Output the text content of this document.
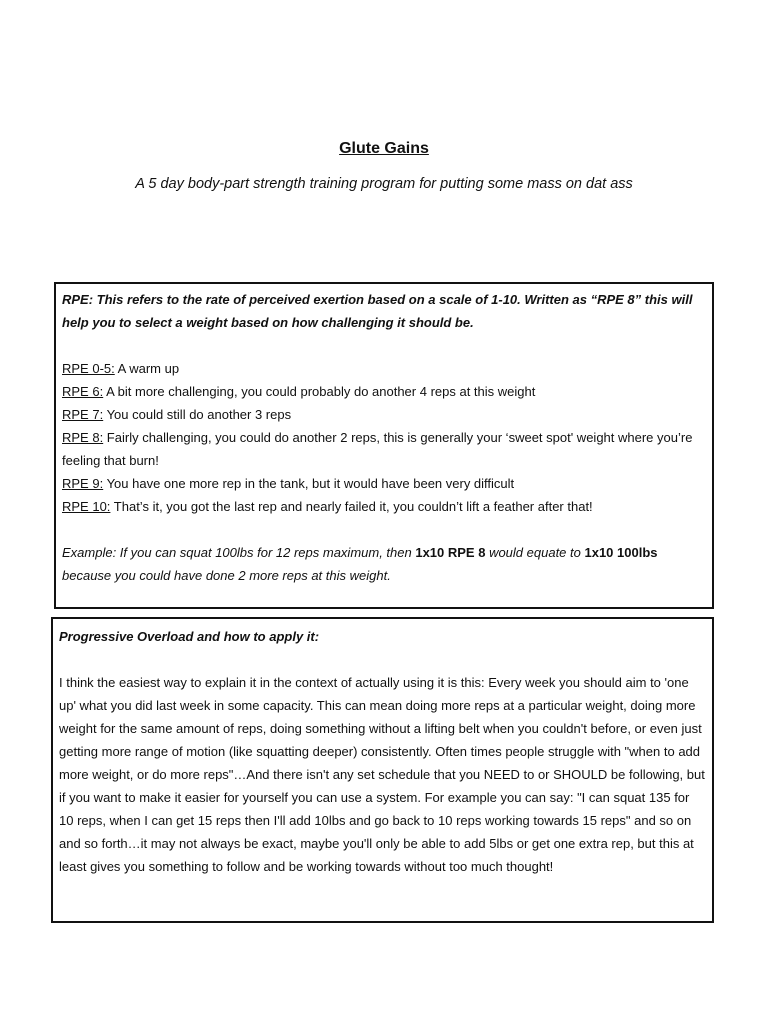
Glute Gains
A 5 day body-part strength training program for putting some mass on dat ass
RPE: This refers to the rate of perceived exertion based on a scale of 1-10. Written as “RPE 8” this will help you to select a weight based on how challenging it should be.
RPE 0-5: A warm up
RPE 6: A bit more challenging, you could probably do another 4 reps at this weight
RPE 7: You could still do another 3 reps
RPE 8: Fairly challenging, you could do another 2 reps, this is generally your ‘sweet spot' weight where you’re feeling that burn!
RPE 9: You have one more rep in the tank, but it would have been very difficult
RPE 10: That’s it, you got the last rep and nearly failed it, you couldn’t lift a feather after that!
Example: If you can squat 100lbs for 12 reps maximum, then 1x10 RPE 8 would equate to 1x10 100lbs because you could have done 2 more reps at this weight.
Progressive Overload and how to apply it:
I think the easiest way to explain it in the context of actually using it is this: Every week you should aim to 'one up' what you did last week in some capacity. This can mean doing more reps at a particular weight, doing more weight for the same amount of reps, doing something without a lifting belt when you couldn't before, or even just getting more range of motion (like squatting deeper) consistently. Often times people struggle with "when to add more weight, or do more reps"…And there isn't any set schedule that you NEED to or SHOULD be following, but if you want to make it easier for yourself you can use a system. For example you can say: "I can squat 135 for 10 reps, when I can get 15 reps then I'll add 10lbs and go back to 10 reps working towards 15 reps" and so on and so forth…it may not always be exact, maybe you'll only be able to add 5lbs or get one extra rep, but this at least gives you something to follow and be working towards without too much thought!
